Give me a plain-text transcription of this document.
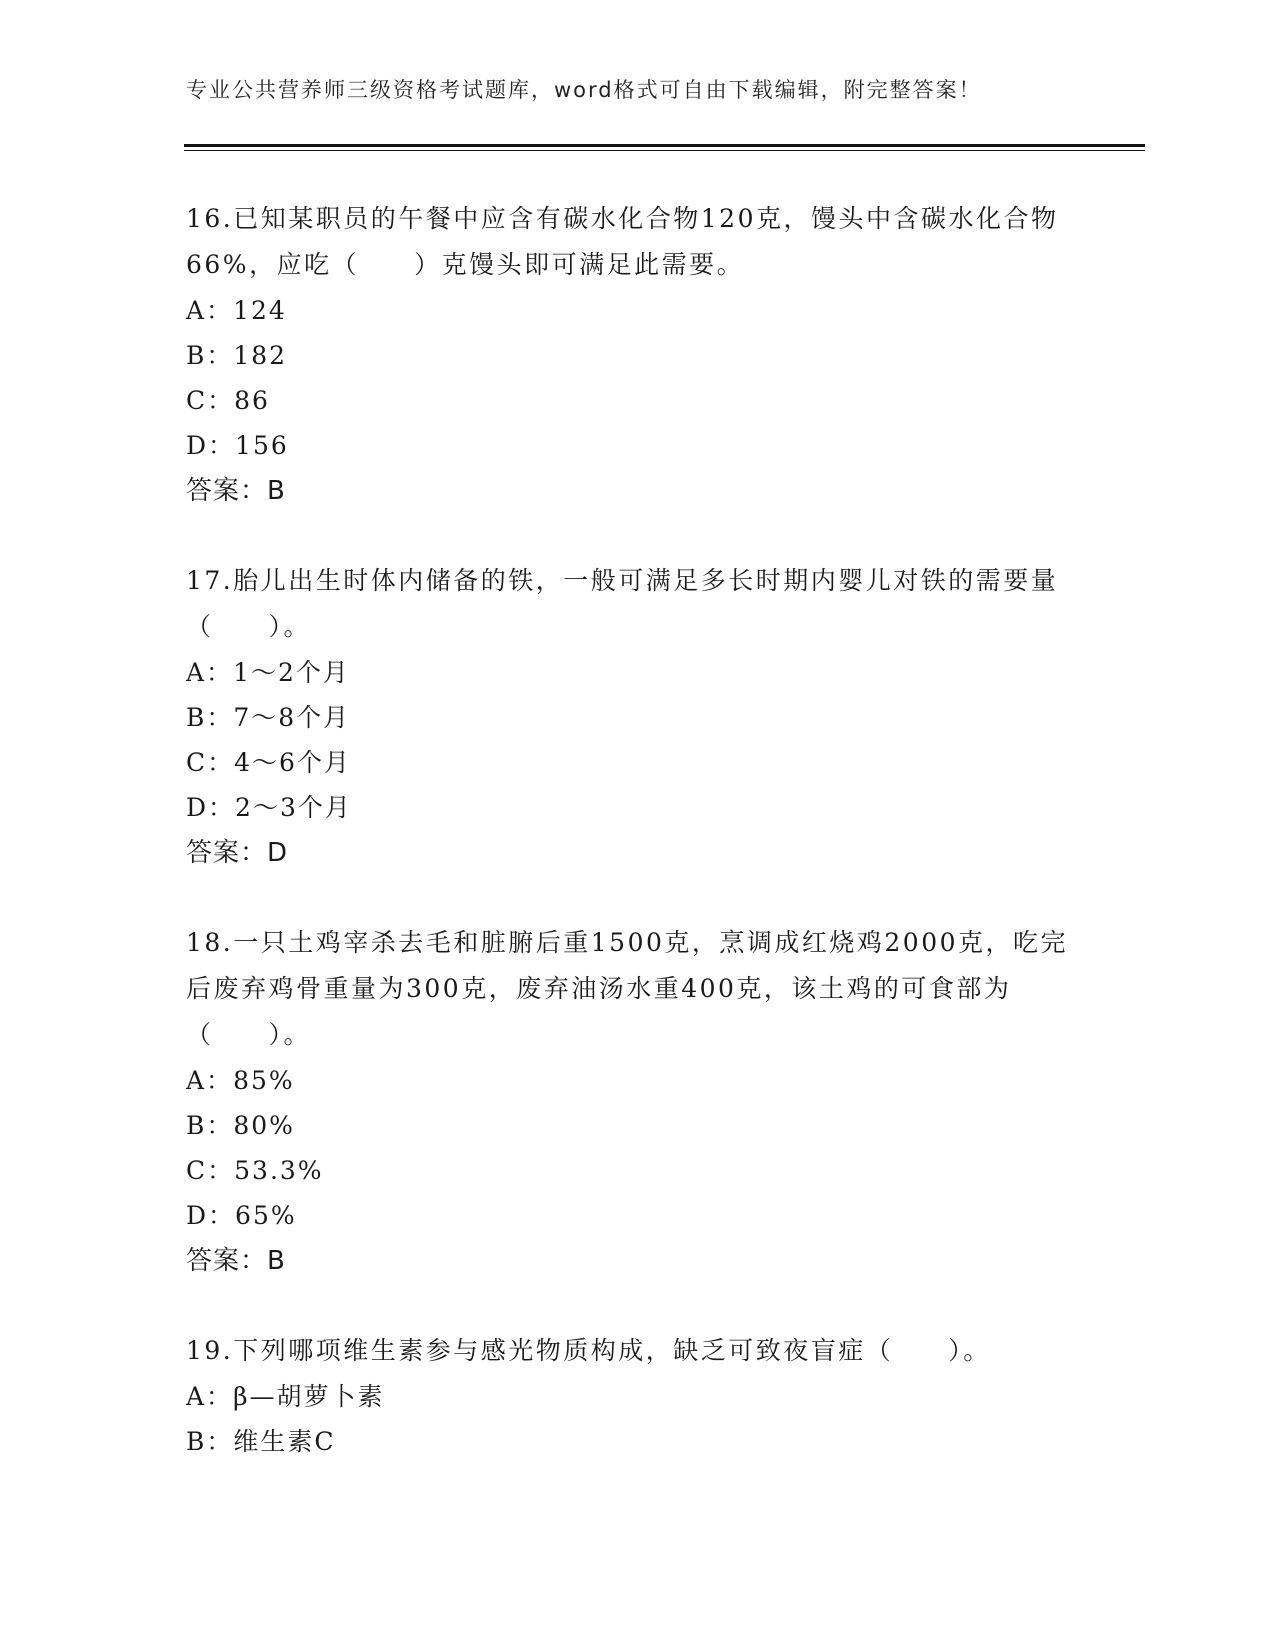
专业公共营养师三级资格考试题库，word格式可自由下载编辑，附完整答案！

16.已知某职员的午餐中应含有碳水化合物120克，馒头中含碳水化合物66%，应吃（　　）克馒头即可满足此需要。

A：124

B：182

C：86

D：156

答案：B

17.胎儿出生时体内储备的铁，一般可满足多长时期内婴儿对铁的需要量（　　）。

A：1～2个月

B：7～8个月

C：4～6个月

D：2～3个月

答案：D

18.一只土鸡宰杀去毛和脏腑后重1500克，烹调成红烧鸡2000克，吃完后废弃鸡骨重量为300克，废弃油汤水重400克，该土鸡的可食部为（　　）。

A：85%

B：80%

C：53.3%

D：65%

答案：B

19.下列哪项维生素参与感光物质构成，缺乏可致夜盲症（　　）。

A：β—胡萝卜素

B：维生素C
